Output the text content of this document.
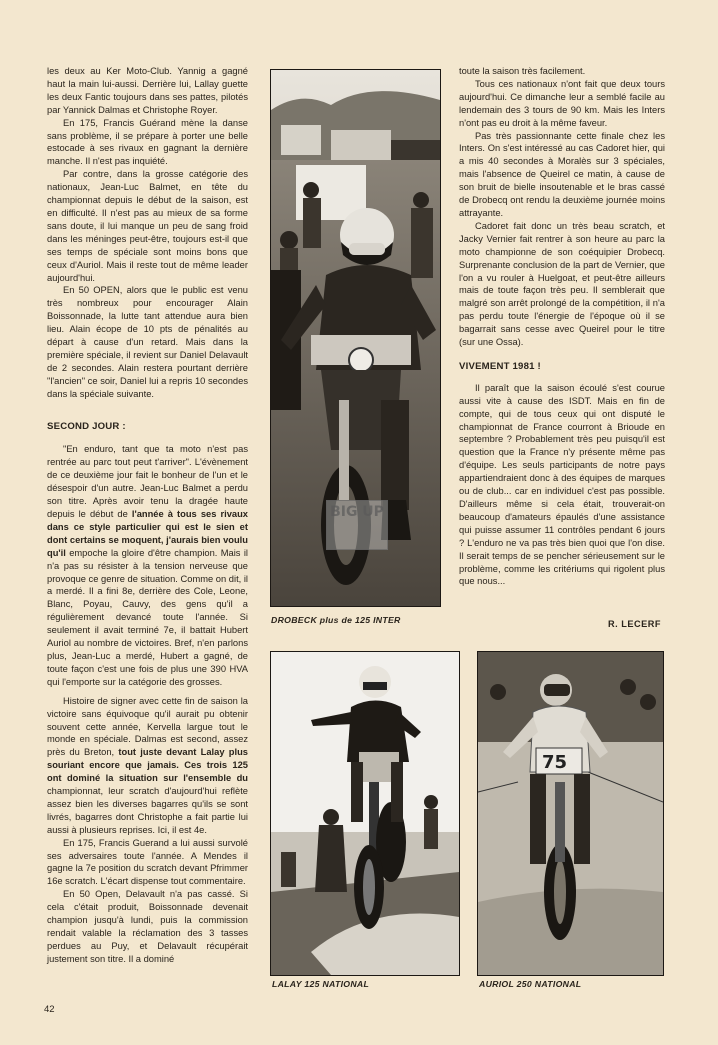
les deux au Ker Moto-Club. Yannig a gagné haut la main lui-aussi. Derrière lui, Lallay guette les deux Fantic toujours dans ses pattes, pilotés par Yannick Dalmas et Christophe Royer.

En 175, Francis Guérand mène la danse sans problème, il se prépare à porter une belle estocade à ses rivaux en gagnant la dernière manche. Il n'est pas inquiété.

Par contre, dans la grosse catégorie des nationaux, Jean-Luc Balmet, en tête du championnat depuis le début de la saison, est en difficulté. Il n'est pas au mieux de sa forme sans doute, il lui manque un peu de sang froid dans les méninges peut-être, toujours est-il que ses temps de spéciale sont moins bons que ceux d'Auriol. Mais il reste tout de même leader aujourd'hui.

En 50 OPEN, alors que le public est venu très nombreux pour encourager Alain Boissonnade, la lutte tant attendue aura bien lieu. Alain écope de 10 pts de pénalités au départ à cause d'un retard. Mais dans la première spéciale, il revient sur Daniel Delavault de 2 secondes. Alain restera pourtant derrière "l'ancien" ce soir, Daniel lui a repris 10 secondes dans la spéciale suivante.

SECOND JOUR :

"En enduro, tant que ta moto n'est pas rentrée au parc tout peut t'arriver". L'évènement de ce deuxième jour fait le bonheur de l'un et le désespoir d'un autre. Jean-Luc Balmet a perdu son titre. Après avoir tenu la dragée haute depuis le début de l'année à tous ses rivaux dans ce style particulier qui est le sien et dont certains se moquent, j'aurais bien voulu qu'il empoche la gloire d'être champion. Mais il n'a pas su résister à la tension nerveuse que provoque ce genre de situation. Comme on dit, il a merdé. Il a fini 8e, derrière des Cole, Leone, Blanc, Poyau, Cauvy, des gens qu'il a régulièrement devancé toute l'année. Si seulement il avait terminé 7e, il battait Hubert Auriol au nombre de victoires. Bref, n'en parlons plus, Jean-Luc a merdé, Hubert a gagné, de toute façon c'est une fois de plus une 390 HVA qui l'emporte sur la catégorie des grosses.

Histoire de signer avec cette fin de saison la victoire sans équivoque qu'il aurait pu obtenir souvent cette année, Kervella largue tout le monde en spéciale. Dalmas est second, assez près du Breton, tout juste devant Lalay plus souriant encore que jamais. Ces trois 125 ont dominé la situation sur l'ensemble du championnat, leur scratch d'aujourd'hui reflète assez bien les diverses bagarres qu'ils se sont livrés, bagarres dont Christophe a fait partie lui aussi à plusieurs reprises. Ici, il est 4e.

En 175, Francis Guerand a lui aussi survolé ses adversaires toute l'année. A Mendes il gagne la 7e position du scratch devant Pfrimmer 16e scratch. L'écart dispense tout commentaire.

En 50 Open, Delavault n'a pas cassé. Si cela c'était produit, Boissonnade devenait champion jusqu'à lundi, puis la commission rendait valable la réclamation des 3 tasses perdues au Puy, et Delavault récupérait justement son titre. Il a dominé

BIG UP
DROBECK plus de 125 INTER
LALAY 125 NATIONAL
75
AURIOL 250 NATIONAL

toute la saison très facilement.

Tous ces nationaux n'ont fait que deux tours aujourd'hui. Ce dimanche leur a semblé facile au lendemain des 3 tours de 90 km. Mais les Inters n'ont pas eu droit à la même faveur.

Pas très passionnante cette finale chez les Inters. On s'est intéressé au cas Cadoret hier, qui a mis 40 secondes à Moralès sur 3 spéciales, mais l'absence de Queirel ce matin, à cause de son bruit de bielle insoutenable et le bras cassé de Drobecq ont rendu la deuxième journée moins attrayante.

Cadoret fait donc un très beau scratch, et Jacky Vernier fait rentrer à son heure au parc la moto championne de son coéquipier Drobecq. Surprenante conclusion de la part de Vernier, que l'on a vu rouler à Huelgoat, et peut-être ailleurs mais de toute façon très peu. Il semblerait que malgré son arrêt prolongé de la compétition, il n'a pas perdu toute l'énergie de l'époque où il se bagarrait sans cesse avec Queirel pour le titre (sur une Ossa).

VIVEMENT 1981 !

Il paraît que la saison écoulé s'est courue aussi vite à cause des ISDT. Mais en fin de compte, qui de tous ceux qui ont disputé le championnat de France courront à Brioude en septembre ? Probablement très peu puisqu'il est question que la France n'y présente même pas d'équipe. Les seuls participants de notre pays appartiendraient donc à des équipes de marques ou de club... car en individuel c'est pas possible. D'ailleurs même si cela était, trouverait-on beaucoup d'amateurs épaulés d'une assistance qui puisse assumer 11 contrôles pendant 6 jours ? L'enduro ne va pas très bien quoi que l'on dise. Il serait temps de se pencher sérieusement sur le problème, comme les critériums qui rigolent plus que nous...

R. LECERF
42
